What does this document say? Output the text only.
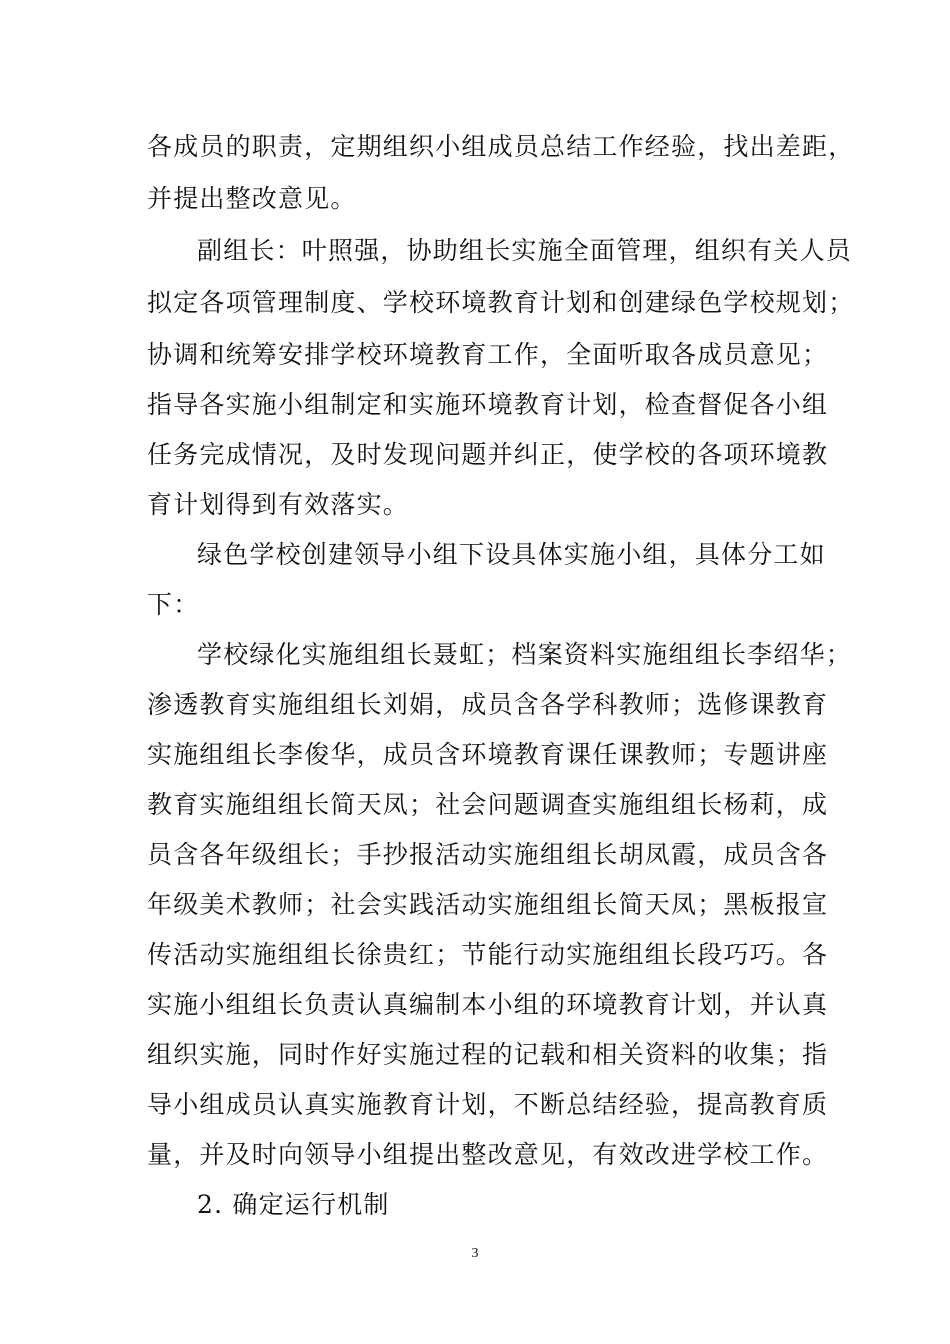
各成员的职责，定期组织小组成员总结工作经验，找出差距，
并提出整改意见。
副组长：叶照强，协助组长实施全面管理，组织有关人员
拟定各项管理制度、学校环境教育计划和创建绿色学校规划；
协调和统筹安排学校环境教育工作，全面听取各成员意见；
指导各实施小组制定和实施环境教育计划，检查督促各小组
任务完成情况，及时发现问题并纠正，使学校的各项环境教
育计划得到有效落实。
绿色学校创建领导小组下设具体实施小组，具体分工如
下：
学校绿化实施组组长聂虹；档案资料实施组组长李绍华；
渗透教育实施组组长刘娟，成员含各学科教师；选修课教育
实施组组长李俊华，成员含环境教育课任课教师；专题讲座
教育实施组组长简天凤；社会问题调查实施组组长杨莉，成
员含各年级组长；手抄报活动实施组组长胡凤霞，成员含各
年级美术教师；社会实践活动实施组组长简天凤；黑板报宣
传活动实施组组长徐贵红；节能行动实施组组长段巧巧。各
实施小组组长负责认真编制本小组的环境教育计划，并认真
组织实施，同时作好实施过程的记载和相关资料的收集；指
导小组成员认真实施教育计划，不断总结经验，提高教育质
量，并及时向领导小组提出整改意见，有效改进学校工作。
2. 确定运行机制
3
